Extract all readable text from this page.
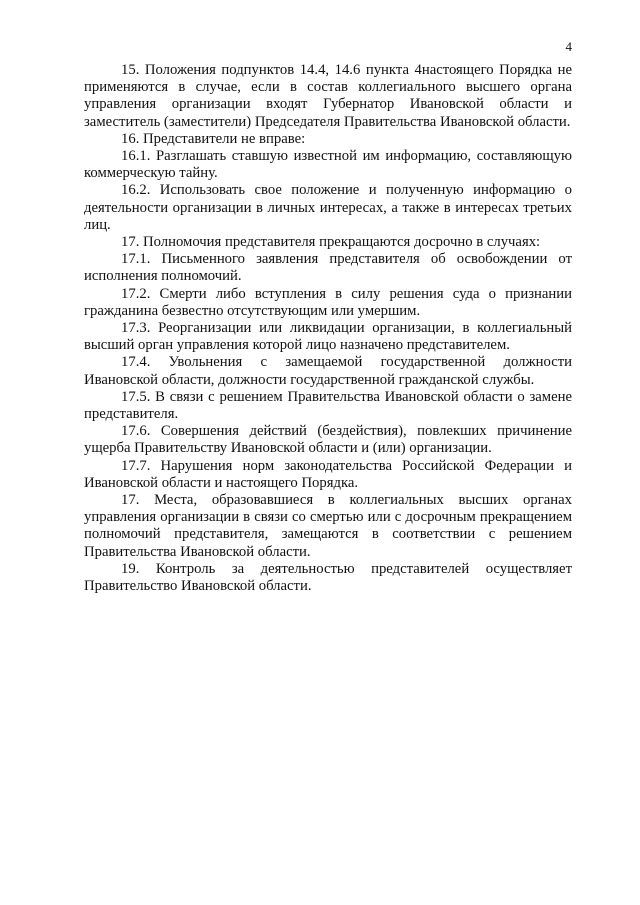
4

15. Положения подпунктов 14.4, 14.6 пункта 4настоящего Порядка не применяются в случае, если в состав коллегиального высшего органа управления организации входят Губернатор Ивановской области и заместитель (заместители) Председателя Правительства Ивановской области.

16. Представители не вправе:

16.1. Разглашать ставшую известной им информацию, составляющую коммерческую тайну.

16.2. Использовать свое положение и полученную информацию о деятельности организации в личных интересах, а также в интересах третьих лиц.

17. Полномочия представителя прекращаются досрочно в случаях:

17.1. Письменного заявления представителя об освобождении от исполнения полномочий.

17.2. Смерти либо вступления в силу решения суда о признании гражданина безвестно отсутствующим или умершим.

17.3. Реорганизации или ликвидации организации, в коллегиальный высший орган управления которой лицо назначено представителем.

17.4. Увольнения с замещаемой государственной должности Ивановской области, должности государственной гражданской службы.

17.5. В связи с решением Правительства Ивановской области о замене представителя.

17.6. Совершения действий (бездействия), повлекших причинение ущерба Правительству Ивановской области и (или) организации.

17.7. Нарушения норм законодательства Российской Федерации и Ивановской области и настоящего Порядка.

17. Места, образовавшиеся в коллегиальных высших органах управления организации в связи со смертью или с досрочным прекращением полномочий представителя, замещаются в соответствии с решением Правительства Ивановской области.

19. Контроль за деятельностью представителей осуществляет Правительство Ивановской области.
